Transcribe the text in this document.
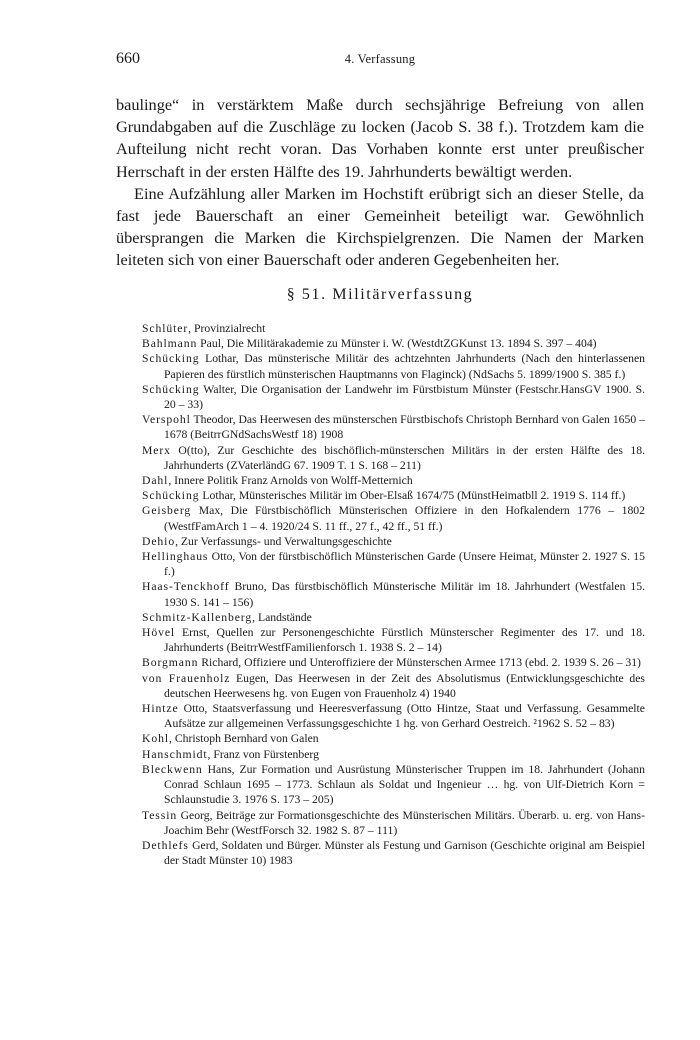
660	4. Verfassung

baulinge“ in verstärktem Maße durch sechsjährige Befreiung von allen Grundabgaben auf die Zuschläge zu locken (Jacob S. 38 f.). Trotzdem kam die Aufteilung nicht recht voran. Das Vorhaben konnte erst unter preußischer Herrschaft in der ersten Hälfte des 19. Jahrhunderts bewältigt werden.

Eine Aufzählung aller Marken im Hochstift erübrigt sich an dieser Stelle, da fast jede Bauerschaft an einer Gemeinheit beteiligt war. Gewöhnlich übersprangen die Marken die Kirchspielgrenzen. Die Namen der Marken leiteten sich von einer Bauerschaft oder anderen Gegebenheiten her.

§ 51. Militärverfassung

Schlüter, Provinzialrecht

Bahlmann Paul, Die Militärakademie zu Münster i. W. (WestdtZGKunst 13. 1894 S. 397 – 404)

Schücking Lothar, Das münsterische Militär des achtzehnten Jahrhunderts (Nach den hinterlassenen Papieren des fürstlich münsterischen Hauptmanns von Flaginck) (NdSachs 5. 1899/1900 S. 385 f.)

Schücking Walter, Die Organisation der Landwehr im Fürstbistum Münster (Festschr.HansGV 1900. S. 20 – 33)

Verspohl Theodor, Das Heerwesen des münsterschen Fürstbischofs Christoph Bernhard von Galen 1650 – 1678 (BeitrrGNdSachsWestf 18) 1908

Merx O(tto), Zur Geschichte des bischöflich-münsterschen Militärs in der ersten Hälfte des 18. Jahrhunderts (ZVaterländG 67. 1909 T. 1 S. 168 – 211)

Dahl, Innere Politik Franz Arnolds von Wolff-Metternich

Schücking Lothar, Münsterisches Militär im Ober-Elsaß 1674/75 (MünstHeimatbll 2. 1919 S. 114 ff.)

Geisberg Max, Die Fürstbischöflich Münsterischen Offiziere in den Hofkalendern 1776 – 1802 (WestfFamArch 1 – 4. 1920/24 S. 11 ff., 27 f., 42 ff., 51 ff.)

Dehio, Zur Verfassungs- und Verwaltungsgeschichte

Hellinghaus Otto, Von der fürstbischöflich Münsterischen Garde (Unsere Heimat, Münster 2. 1927 S. 15 f.)

Haas-Tenckhoff Bruno, Das fürstbischöflich Münsterische Militär im 18. Jahrhundert (Westfalen 15. 1930 S. 141 – 156)

Schmitz-Kallenberg, Landstände

Hövel Ernst, Quellen zur Personengeschichte Fürstlich Münsterscher Regimenter des 17. und 18. Jahrhunderts (BeitrrWestfFamilienforsch 1. 1938 S. 2 – 14)

Borgmann Richard, Offiziere und Unteroffiziere der Münsterschen Armee 1713 (ebd. 2. 1939 S. 26 – 31)

von Frauenholz Eugen, Das Heerwesen in der Zeit des Absolutismus (Entwicklungsgeschichte des deutschen Heerwesens hg. von Eugen von Frauenholz 4) 1940

Hintze Otto, Staatsverfassung und Heeresverfassung (Otto Hintze, Staat und Verfassung. Gesammelte Aufsätze zur allgemeinen Verfassungsgeschichte 1 hg. von Gerhard Oestreich. ²1962 S. 52 – 83)

Kohl, Christoph Bernhard von Galen

Hanschmidt, Franz von Fürstenberg

Bleckwenn Hans, Zur Formation und Ausrüstung Münsterischer Truppen im 18. Jahrhundert (Johann Conrad Schlaun 1695 – 1773. Schlaun als Soldat und Ingenieur … hg. von Ulf-Dietrich Korn = Schlaunstudie 3. 1976 S. 173 – 205)

Tessin Georg, Beiträge zur Formationsgeschichte des Münsterischen Militärs. Überarb. u. erg. von Hans-Joachim Behr (WestfForsch 32. 1982 S. 87 – 111)

Dethlefs Gerd, Soldaten und Bürger. Münster als Festung und Garnison (Geschichte original am Beispiel der Stadt Münster 10) 1983
